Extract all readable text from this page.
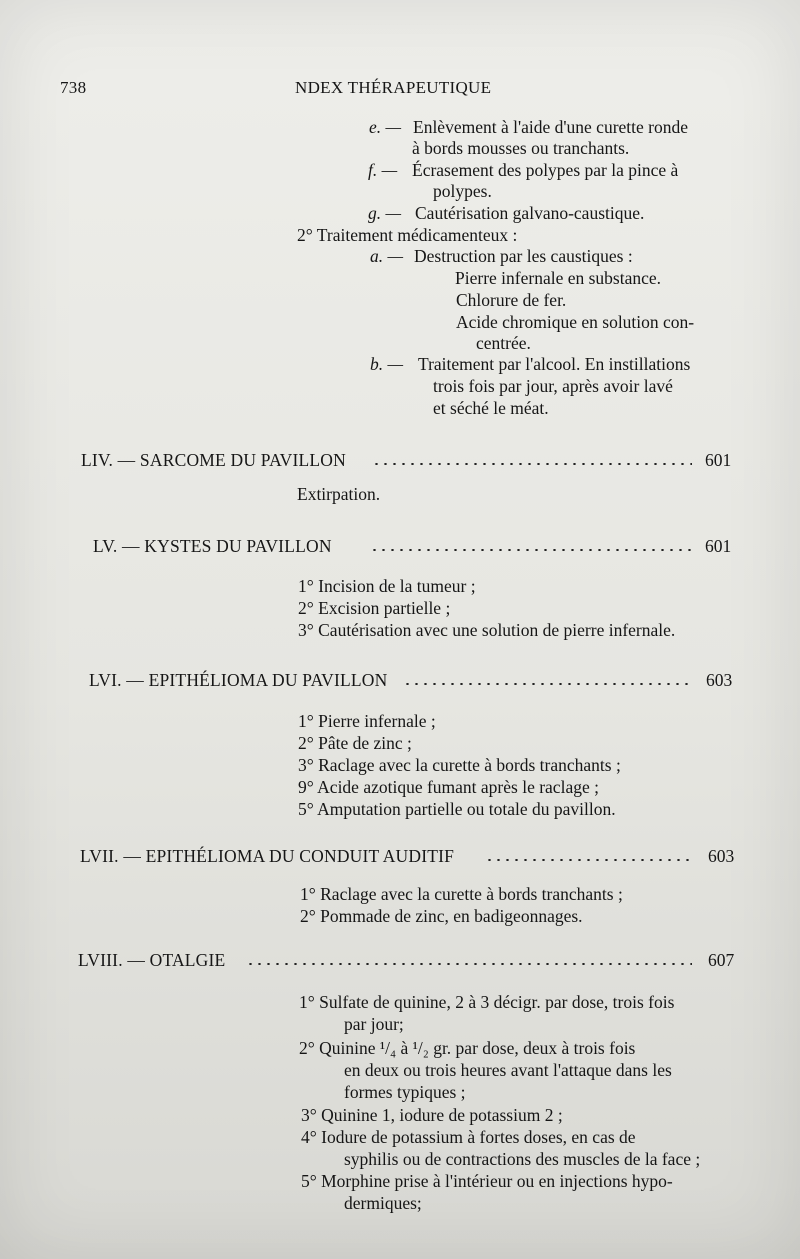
738	NDEX THÉRAPEUTIQUE
e. — Enlèvement à l'aide d'une curette ronde
à bords mousses ou tranchants.
f. — Écrasement des polypes par la pince à
polypes.
g. — Cautérisation galvano-caustique.
2° Traitement médicamenteux :
a. — Destruction par les caustiques :
Pierre infernale en substance.
Chlorure de fer.
Acide chromique en solution con-
centrée.
b. — Traitement par l'alcool. En instillations
trois fois par jour, après avoir lavé
et séché le méat.
LIV. — SARCOME DU PAVILLON	601
Extirpation.
LV. — KYSTES DU PAVILLON	601
1° Incision de la tumeur ;
2° Excision partielle ;
3° Cautérisation avec une solution de pierre infernale.
LVI. — EPITHÉLIOMA DU PAVILLON	603
1° Pierre infernale ;
2° Pâte de zinc ;
3° Raclage avec la curette à bords tranchants ;
9° Acide azotique fumant après le raclage ;
5° Amputation partielle ou totale du pavillon.
LVII. — EPITHÉLIOMA DU CONDUIT AUDITIF	603
1° Raclage avec la curette à bords tranchants ;
2° Pommade de zinc, en badigeonnages.
LVIII. — OTALGIE	607
1° Sulfate de quinine, 2 à 3 décigr. par dose, trois fois
par jour;
2° Quinine ¹/₄ à ¹/₂ gr. par dose, deux à trois fois
en deux ou trois heures avant l'attaque dans les
formes typiques ;
3° Quinine 1, iodure de potassium 2 ;
4° Iodure de potassium à fortes doses, en cas de
syphilis ou de contractions des muscles de la face ;
5° Morphine prise à l'intérieur ou en injections hypo-
dermiques;
